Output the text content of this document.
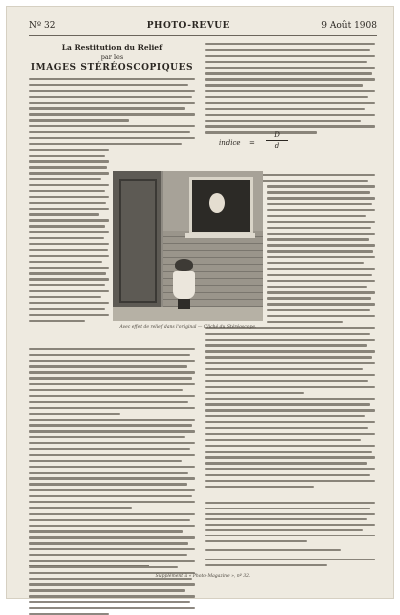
Nº 32	PHOTO-REVUE	9 Août 1908
La Restitution du Relief
par les
IMAGES STÉRÉOSCOPIQUES
indice =
D
d
Avec effet de relief dans l'original — Cliché du Stéréoscope.
Supplément à « Photo-Magazine », nº 32.
